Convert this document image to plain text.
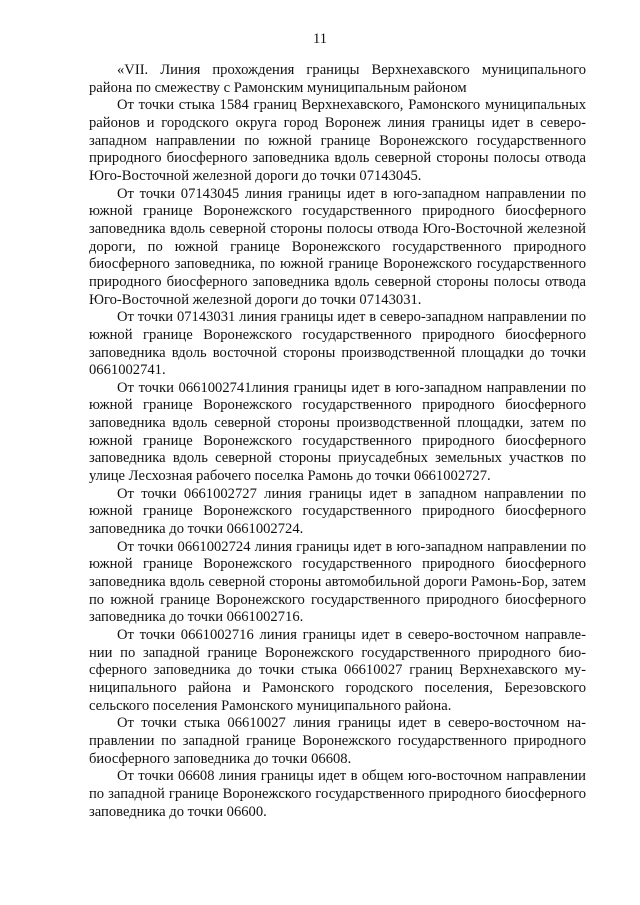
11

«VII. Линия прохождения границы Верхнехавского муниципального района по смежеству с Рамонским муниципальным районом

От точки стыка 1584 границ Верхнехавского, Рамонского муниципальных районов и городского округа город Воронеж линия границы идет в северо-западном направлении по южной границе Воронежского государственного природного биосферного заповедника вдоль северной стороны полосы отвода Юго-Восточной железной дороги до точки 07143045.

От точки 07143045 линия границы идет в юго-западном направлении по южной границе Воронежского государственного природного биосферного заповедника вдоль северной стороны полосы отвода Юго-Восточной железной дороги, по южной границе Воронежского государственного природного биосферного заповедника, по южной границе Воронежского государственного природного биосферного заповедника вдоль северной стороны полосы отвода Юго-Восточной железной дороги до точки 07143031.

От точки 07143031 линия границы идет в северо-западном направлении по южной границе Воронежского государственного природного биосферного заповедника вдоль восточной стороны производственной площадки до точки 0661002741.

От точки 0661002741линия границы идет в юго-западном направлении по южной границе Воронежского государственного природного биосферного заповедника вдоль северной стороны производственной площадки, затем по южной границе Воронежского государственного природного биосферного заповедника вдоль северной стороны приусадебных земельных участков по улице Лесхозная рабочего поселка Рамонь до точки 0661002727.

От точки 0661002727 линия границы идет в западном направлении по южной границе Воронежского государственного природного биосферного заповедника до точки 0661002724.

От точки 0661002724 линия границы идет в юго-западном направлении по южной границе Воронежского государственного природного биосферного заповедника вдоль северной стороны автомобильной дороги Рамонь-Бор, затем по южной границе Воронежского государственного природного биосферного заповедника до точки 0661002716.

От точки 0661002716 линия границы идет в северо-восточном направлении по западной границе Воронежского государственного природного биосферного заповедника до точки стыка 06610027 границ Верхнехавского муниципального района и Рамонского городского поселения, Березовского сельского поселения Рамонского муниципального района.

От точки стыка 06610027 линия границы идет в северо-восточном направлении по западной границе Воронежского государственного природного биосферного заповедника до точки 06608.

От точки 06608 линия границы идет в общем юго-восточном направлении по западной границе Воронежского государственного природного биосферного заповедника до точки 06600.
